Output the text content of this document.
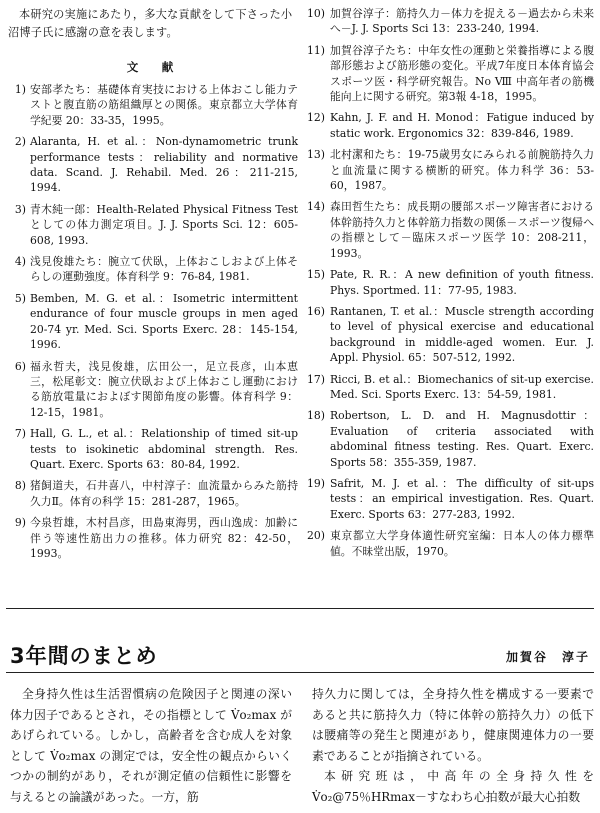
本研究の実施にあたり，多大な貢献をして下さった小沼博子氏に感謝の意を表します。

文　献
1) 安部孝たち：基礎体育実技における上体おこし能力テストと腹直筋の筋組織厚との関係。東京都立大学体育学紀要 20：33-35，1995。
2) Alaranta, H. et al.：Non-dynamometric trunk performance tests：reliability and normative data. Scand. J. Rehabil. Med. 26：211-215, 1994.
3) 青木純一郎：Health-Related Physical Fitness Test としての体力測定項目。J. J. Sports Sci. 12：605-608, 1993.
4) 浅見俊雄たち：腕立て伏臥，上体おこしおよび上体そらしの運動強度。体育科学 9：76-84, 1981.
5) Bemben, M. G. et al.：Isometric intermittent endurance of four muscle groups in men aged 20-74 yr. Med. Sci. Sports Exerc. 28：145-154, 1996.
6) 福永哲夫，浅見俊雄，広田公一，足立長彦，山本恵三，松尾彰文：腕立伏臥および上体おこし運動における筋放電量におよぼす関節角度の影響。体育科学 9：12-15，1981。
7) Hall, G. L., et al.：Relationship of timed sit-up tests to isokinetic abdominal strength. Res. Quart. Exerc. Sports 63：80-84, 1992.
8) 猪飼道夫，石井喜八，中村淳子：血流量からみた筋持久力Ⅱ。体育の科学 15：281-287，1965。
9) 今泉哲雄，木村昌彦，田島東海男，西山逸成：加齢に伴う等速性筋出力の推移。体力研究 82：42-50，1993。
10) 加賀谷淳子：筋持久力－体力を捉える－過去から未来へ－J. J. Sports Sci 13：233-240, 1994.
11) 加賀谷淳子たち：中年女性の運動と栄養指導による腹部形態および筋形態の変化。平成7年度日本体育協会スポーツ医・科学研究報告。No Ⅷ 中高年者の筋機能向上に関する研究。第3報 4-18，1995。
12) Kahn, J. F. and H. Monod：Fatigue induced by static work. Ergonomics 32：839-846, 1989.
13) 北村潔和たち：19-75歳男女にみられる前腕筋持久力と血流量に関する横断的研究。体力科学 36：53-60，1987。
14) 森田哲生たち：成長期の腰部スポーツ障害者における体幹筋持久力と体幹筋力指数の関係－スポーツ復帰への指標として－臨床スポーツ医学 10：208-211，1993。
15) Pate, R. R.：A new definition of youth fitness. Phys. Sportmed. 11：77-95, 1983.
16) Rantanen, T. et al.：Muscle strength according to level of physical exercise and educational background in middle-aged women. Eur. J. Appl. Physiol. 65：507-512, 1992.
17) Ricci, B. et al.：Biomechanics of sit-up exercise. Med. Sci. Sports Exerc. 13：54-59, 1981.
18) Robertson, L. D. and H. Magnusdottir：Evaluation of criteria associated with abdominal fitness testing. Res. Quart. Exerc. Sports 58：355-359, 1987.
19) Safrit, M. J. et al.：The difficulty of sit-ups tests：an empirical investigation. Res. Quart. Exerc. Sports 63：277-283, 1992.
20) 東京都立大学身体適性研究室編：日本人の体力標準値。不昧堂出版，1970。
3年間のまとめ	加賀谷　淳子

全身持久性は生活習慣病の危険因子と関連の深い体力因子であるとされ，その指標として V̇o₂max があげられている。しかし，高齢者を含む成人を対象として V̇o₂max の測定では，安全性の観点からいくつかの制約があり，それが測定値の信頼性に影響を与えるとの論議があった。一方，筋

持久力に関しては，全身持久性を構成する一要素であると共に筋持久力（特に体幹の筋持久力）の低下は腰痛等の発生と関連があり，健康関連体力の一要素であることが指摘されている。

本研究班は，中高年の全身持久性を V̇o₂@75％HRmax－すなわち心拍数が最大心拍数
